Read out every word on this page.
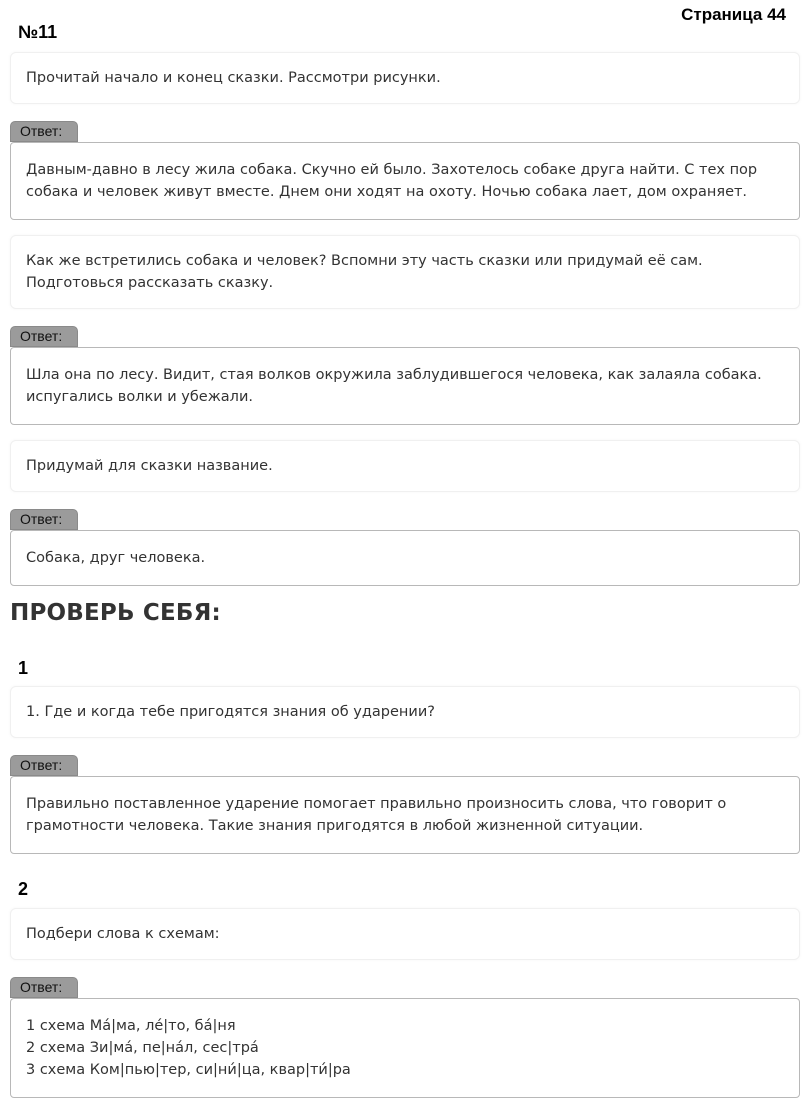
Страница 44
№11
Прочитай начало и конец сказки. Рассмотри рисунки.
Ответ:
Давным-давно в лесу жила собака. Скучно ей было. Захотелось собаке друга найти. С тех пор собака и человек живут вместе. Днем они ходят на охоту. Ночью собака лает, дом охраняет.
Как же встретились собака и человек? Вспомни эту часть сказки или придумай её сам. Подготовься рассказать сказку.
Ответ:
Шла она по лесу. Видит, стая волков окружила заблудившегося человека, как залаяла собака. испугались волки и убежали.
Придумай для сказки название.
Ответ:
Собака, друг человека.
ПРОВЕРЬ СЕБЯ:
1
1. Где и когда тебе пригодятся знания об ударении?
Ответ:
Правильно поставленное ударение помогает правильно произносить слова, что говорит о грамотности человека. Такие знания пригодятся в любой жизненной ситуации.
2
Подбери слова к схемам:
Ответ:
1 схема Ма́|ма, ле́|то, ба́|ня
2 схема Зи|ма́, пе|на́л, сес|тра́
3 схема Ком|пью|тер, си|ни́|ца, квар|ти́|ра
